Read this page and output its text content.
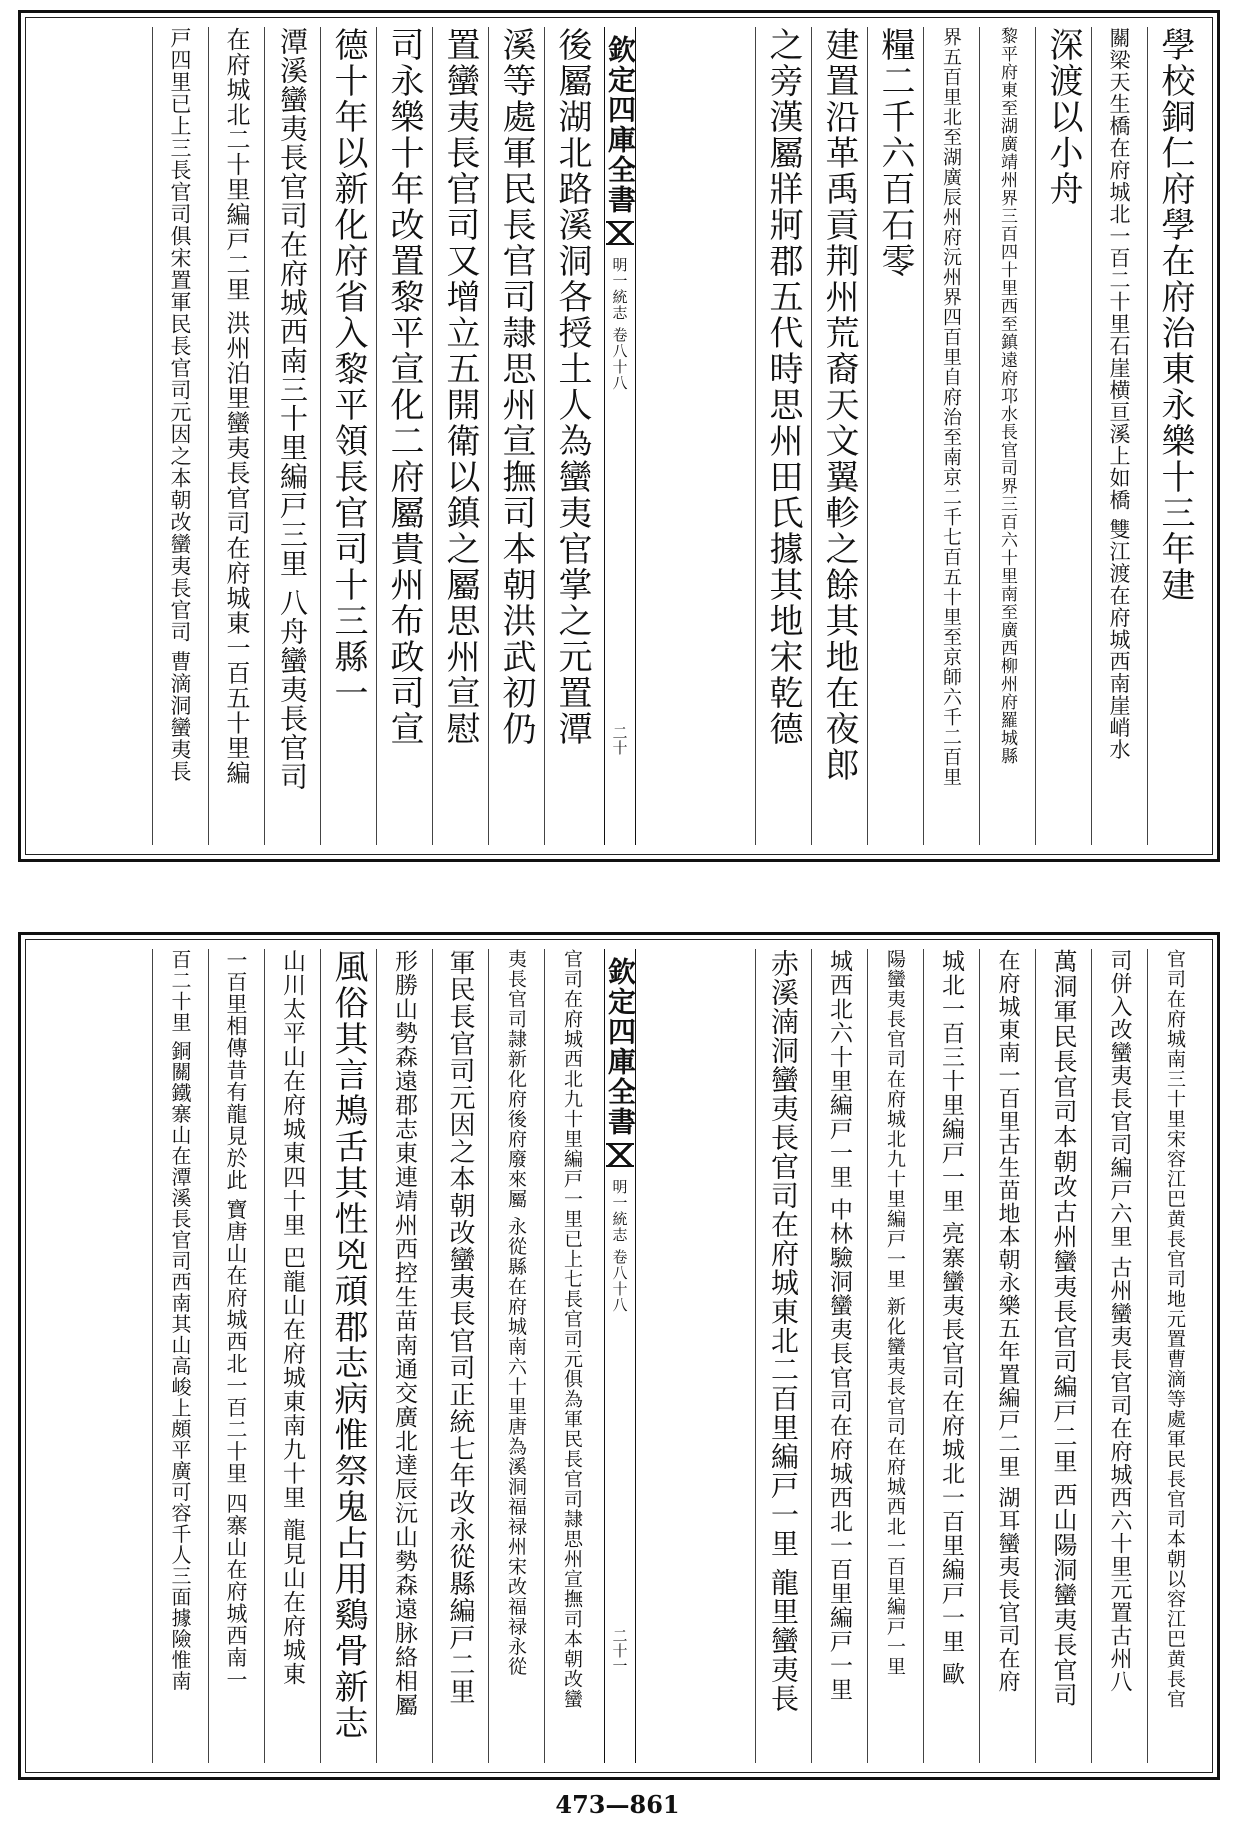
學校銅仁府學在府治東永樂十三年建
關梁天生橋在府城北一百二十里石崖横亘溪上如橋 雙江渡在府城西南崖峭水
深渡以小舟
黎平府東至湖廣靖州界三百四十里西至鎮遠府邛水長官司界三百六十里南至廣西柳州府羅城縣
界五百里北至湖廣辰州府沅州界四百里自府治至南京二千七百五十里至京師六千二百里
糧二千六百石零
建置沿革禹貢荆州荒裔天文翼軫之餘其地在夜郎
之旁漢屬牂牁郡五代時思州田氏據其地宋乾德
欽定四庫全書
明一統志 卷八十八
二十
後屬湖北路溪洞各授土人為蠻夷官掌之元置潭
溪等處軍民長官司隷思州宣撫司本朝洪武初仍
置蠻夷長官司又增立五開衛以鎮之屬思州宣慰
司永樂十年改置黎平宣化二府屬貴州布政司宣
德十年以新化府省入黎平領長官司十三縣一
潭溪蠻夷長官司在府城西南三十里編戸三里 八舟蠻夷長官司
在府城北二十里編戸二里 洪州泊里蠻夷長官司在府城東一百五十里編
戸四里已上三長官司俱宋置軍民長官司元因之本朝改蠻夷長官司 曹滴洞蠻夷長
官司在府城南三十里宋容江巴黄長官司地元置曹滴等處軍民長官司本朝以容江巴黄長官
司併入改蠻夷長官司編戸六里 古州蠻夷長官司在府城西六十里元置古州八
萬洞軍民長官司本朝改古州蠻夷長官司編戸二里 西山陽洞蠻夷長官司
在府城東南一百里古生苗地本朝永樂五年置編戸二里 湖耳蠻夷長官司在府
城北一百三十里編戸一里 亮寨蠻夷長官司在府城北一百里編戸一里 歐
陽蠻夷長官司在府城北九十里編戸一里 新化蠻夷長官司在府城西北一百里編戸一里
城西北六十里編戸一里 中林驗洞蠻夷長官司在府城西北一百里編戸一里
赤溪湳洞蠻夷長官司在府城東北二百里編戸一里 龍里蠻夷長
欽定四庫全書
明一統志 卷八十八
二十一
官司在府城西北九十里編戸一里已上七長官司元俱為軍民長官司隷思州宣撫司本朝改蠻
夷長官司隷新化府後府廢來屬 永從縣在府城南六十里唐為溪洞福禄州宋改福禄永從
軍民長官司元因之本朝改蠻夷長官司正統七年改永從縣編戸二里
形勝山勢森遠郡志東連靖州西控生苗南通交廣北達辰沅山勢森遠脉絡相屬
風俗其言鴂舌其性兇頑郡志病惟祭鬼占用鷄骨新志
山川太平山在府城東四十里 巴龍山在府城東南九十里 龍見山在府城東
一百里相傳昔有龍見於此 寶唐山在府城西北一百二十里 四寨山在府城西南一
百二十里 銅關鐵寨山在潭溪長官司西南其山高峻上頗平廣可容千人三面據險惟南
473—861
